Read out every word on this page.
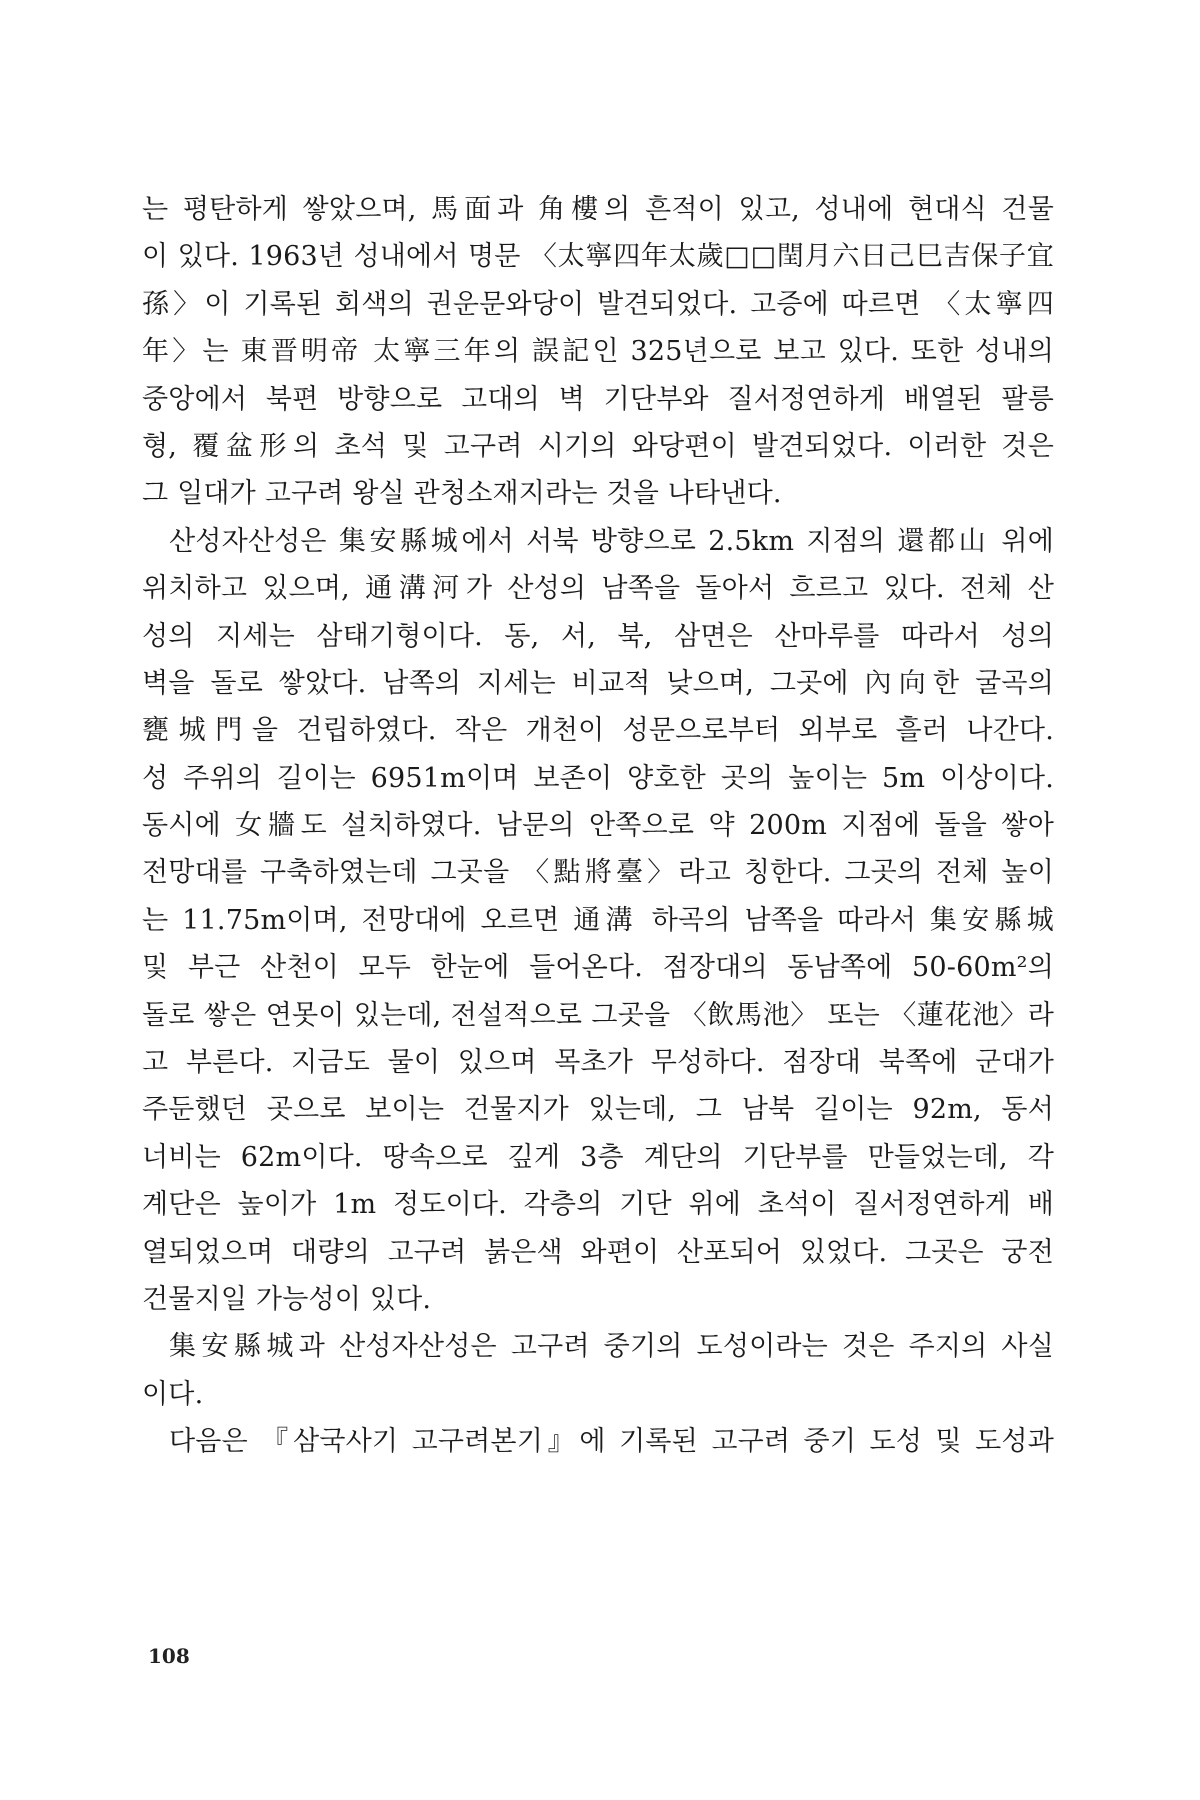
는 평탄하게 쌓았으며, 馬面과 角樓의 흔적이 있고, 성내에 현대식 건물
이 있다. 1963년 성내에서 명문 〈太寧四年太歲□□閏月六日己巳吉保子宜
孫〉이 기록된 회색의 권운문와당이 발견되었다. 고증에 따르면 〈太寧四
年〉는 東晋明帝 太寧三年의 誤記인 325년으로 보고 있다. 또한 성내의
중앙에서 북편 방향으로 고대의 벽 기단부와 질서정연하게 배열된 팔릉
형, 覆盆形의 초석 및 고구려 시기의 와당편이 발견되었다. 이러한 것은
그 일대가 고구려 왕실 관청소재지라는 것을 나타낸다.
산성자산성은 集安縣城에서 서북 방향으로 2.5km 지점의 還都山 위에
위치하고 있으며, 通溝河가 산성의 남쪽을 돌아서 흐르고 있다. 전체 산
성의 지세는 삼태기형이다. 동, 서, 북, 삼면은 산마루를 따라서 성의
벽을 돌로 쌓았다. 남쪽의 지세는 비교적 낮으며, 그곳에 內向한 굴곡의
甕城門을 건립하였다. 작은 개천이 성문으로부터 외부로 흘러 나간다.
성 주위의 길이는 6951m이며 보존이 양호한 곳의 높이는 5m 이상이다.
동시에 女牆도 설치하였다. 남문의 안쪽으로 약 200m 지점에 돌을 쌓아
전망대를 구축하였는데 그곳을 〈點將臺〉라고 칭한다. 그곳의 전체 높이
는 11.75m이며, 전망대에 오르면 通溝 하곡의 남쪽을 따라서 集安縣城
및 부근 산천이 모두 한눈에 들어온다. 점장대의 동남쪽에 50-60m²의
돌로 쌓은 연못이 있는데, 전설적으로 그곳을 〈飲馬池〉 또는 〈蓮花池〉라
고 부른다. 지금도 물이 있으며 목초가 무성하다. 점장대 북쪽에 군대가
주둔했던 곳으로 보이는 건물지가 있는데, 그 남북 길이는 92m, 동서
너비는 62m이다. 땅속으로 깊게 3층 계단의 기단부를 만들었는데, 각
계단은 높이가 1m 정도이다. 각층의 기단 위에 초석이 질서정연하게 배
열되었으며 대량의 고구려 붉은색 와편이 산포되어 있었다. 그곳은 궁전
건물지일 가능성이 있다.
集安縣城과 산성자산성은 고구려 중기의 도성이라는 것은 주지의 사실
이다.
다음은 『삼국사기 고구려본기』에 기록된 고구려 중기 도성 및 도성과
108
